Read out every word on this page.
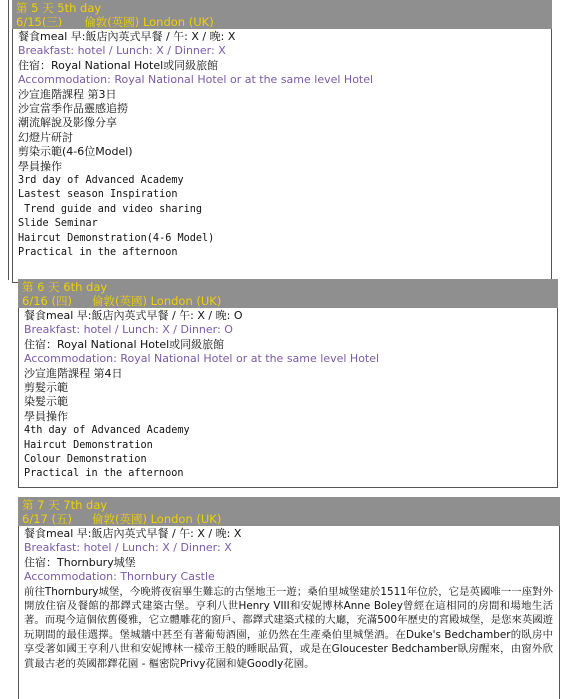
第 5 天 5th day
6/15(三) 倫敦(英國) London (UK)
餐食meal 早:飯店內英式早餐 / 午: X / 晚: X
Breakfast: hotel / Lunch: X / Dinner: X
住宿：Royal National Hotel或同級旅館
Accommodation: Royal National Hotel or at the same level Hotel
沙宣進階課程 第3日
沙宣當季作品靈感追撈
潮流解說及影像分享
幻燈片研討
剪染示範(4-6位Model)
學員操作
3rd day of Advanced Academy
Lastest season Inspiration
Trend guide and video sharing
Slide Seminar
Haircut Demonstration(4-6 Model)
Practical in the afternoon
第 6 天 6th day
6/16 (四) 倫敦(英國) London (UK)
餐食meal 早:飯店內英式早餐 / 午: X / 晚: O
Breakfast: hotel / Lunch: X / Dinner: O
住宿：Royal National Hotel或同級旅館
Accommodation: Royal National Hotel or at the same level Hotel
沙宣進階課程 第4日
剪髮示範
染髮示範
學員操作
4th day of Advanced Academy
Haircut Demonstration
Colour Demonstration
Practical in the afternoon
第 7 天 7th day
6/17 (五) 倫敦(英國) London (UK)
餐食meal 早:飯店內英式早餐 / 午: X / 晚: X
Breakfast: hotel / Lunch: X / Dinner: X
住宿：Thornbury城堡
Accommodation: Thornbury Castle
前往Thornbury城堡，今晚將夜宿畢生難忘的古堡地王一遊；桑伯里城堡建於1511年位於，它是英國唯一一座對外開放住宿及餐館的都鐸式建築古堡。亨利八世Henry VIII和安妮博林Anne Boley曾經在這相同的房間和場地生活著。而現今這個依舊優雅，它立體雕花的窗戶、都鐸式建築式樣的大廳，充滿500年歷史的宮殿城堡，是您來英國遊玩期間的最佳選擇。堡城牆中甚至有著葡萄酒園，並仍然在生產桑伯里城堡酒。在Duke's Bedchamber的臥房中享受著如國王亨利八世和安妮博林一樣帝王般的睡眠品質，或是在Gloucester Bedchamber臥房醒來，由窗外欣賞最古老的英國都鐸花園 - 樞密院Privy花園和婕Goodly花園。
